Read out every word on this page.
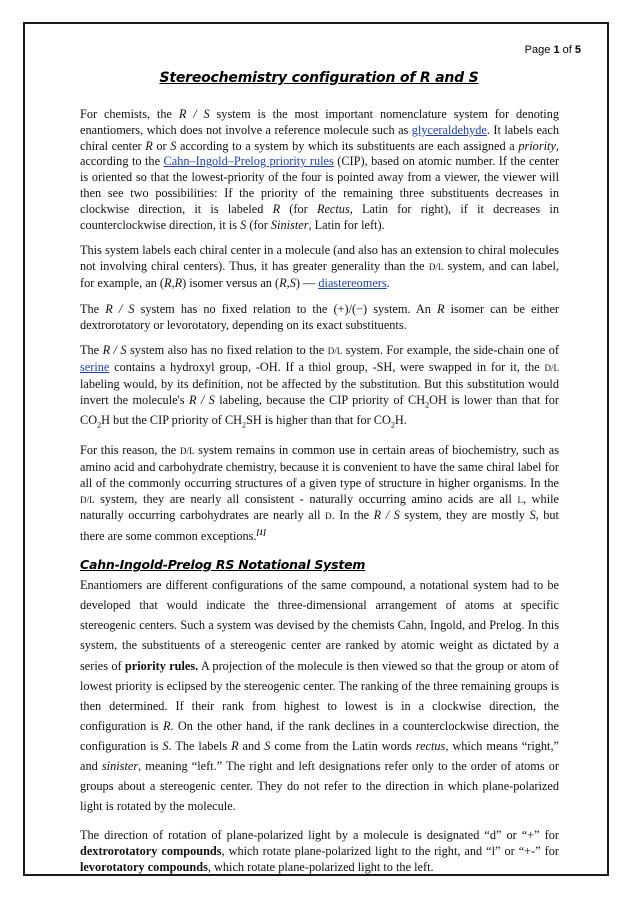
Page 1 of 5
Stereochemistry configuration of R and S

For chemists, the R / S system is the most important nomenclature system for denoting enantiomers, which does not involve a reference molecule such as glyceraldehyde. It labels each chiral center R or S according to a system by which its substituents are each assigned a priority, according to the Cahn–Ingold–Prelog priority rules (CIP), based on atomic number. If the center is oriented so that the lowest-priority of the four is pointed away from a viewer, the viewer will then see two possibilities: If the priority of the remaining three substituents decreases in clockwise direction, it is labeled R (for Rectus, Latin for right), if it decreases in counterclockwise direction, it is S (for Sinister, Latin for left).

This system labels each chiral center in a molecule (and also has an extension to chiral molecules not involving chiral centers). Thus, it has greater generality than the D/L system, and can label, for example, an (R,R) isomer versus an (R,S) — diastereomers.

The R / S system has no fixed relation to the (+)/(−) system. An R isomer can be either dextrorotatory or levorotatory, depending on its exact substituents.

The R / S system also has no fixed relation to the D/L system. For example, the side-chain one of serine contains a hydroxyl group, -OH. If a thiol group, -SH, were swapped in for it, the D/L labeling would, by its definition, not be affected by the substitution. But this substitution would invert the molecule's R / S labeling, because the CIP priority of $CH_2OH$ is lower than that for $CO_2H$ but the CIP priority of $CH_2SH$ is higher than that for $CO_2H$.

For this reason, the D/L system remains in common use in certain areas of biochemistry, such as amino acid and carbohydrate chemistry, because it is convenient to have the same chiral label for all of the commonly occurring structures of a given type of structure in higher organisms. In the D/L system, they are nearly all consistent - naturally occurring amino acids are all L, while naturally occurring carbohydrates are nearly all D. In the R / S system, they are mostly S, but there are some common exceptions.[1]

Cahn-Ingold-Prelog RS Notational System

Enantiomers are different configurations of the same compound, a notational system had to be developed that would indicate the three-dimensional arrangement of atoms at specific stereogenic centers. Such a system was devised by the chemists Cahn, Ingold, and Prelog. In this system, the substituents of a stereogenic center are ranked by atomic weight as dictated by a series of priority rules. A projection of the molecule is then viewed so that the group or atom of lowest priority is eclipsed by the stereogenic center. The ranking of the three remaining groups is then determined. If their rank from highest to lowest is in a clockwise direction, the configuration is R. On the other hand, if the rank declines in a counterclockwise direction, the configuration is S. The labels R and S come from the Latin words rectus, which means “right,” and sinister, meaning “left.” The right and left designations refer only to the order of atoms or groups about a stereogenic center. They do not refer to the direction in which plane-polarized light is rotated by the molecule.

The direction of rotation of plane-polarized light by a molecule is designated “d” or “+” for dextrorotatory compounds, which rotate plane-polarized light to the right, and “l” or “+-” for levorotatory compounds, which rotate plane-polarized light to the left.
